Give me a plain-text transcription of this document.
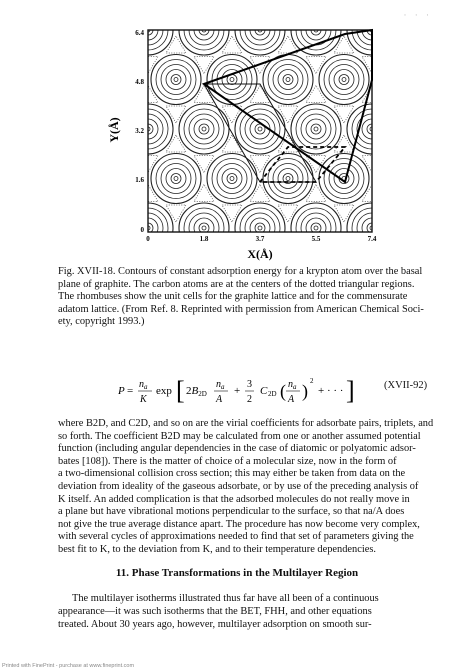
· · ·
Y(Å)
X(Å)
6.4
4.8
3.2
1.6
0
0	1.8	3.7	5.5	7.4
Fig. XVII-18. Contours of constant adsorption energy for a krypton atom over the basal
plane of graphite. The carbon atoms are at the centers of the dotted triangular regions.
The rhombuses show the unit cells for the graphite lattice and for the commensurate
adatom lattice. (From Ref. 8. Reprinted with permission from American Chemical Soci-
ety, copyright 1993.)
P =
$n_a$
K
exp [ 2B2D
$n_a$
A
+
3
2
C 2D ( $n_a$
A ) 2
+ · · · ]	(XVII-92)
where B2D, and C2D, and so on are the virial coefficients for adsorbate pairs, triplets, and
so forth. The coefficient B2D may be calculated from one or another assumed potential
function (including angular dependencies in the case of diatomic or polyatomic adsor-
bates [108]). There is the matter of choice of a molecular size, now in the form of
a two-dimensional collision cross section; this may either be taken from data on the
deviation from ideality of the gaseous adsorbate, or by use of the preceding analysis of
K itself. An added complication is that the adsorbed molecules do not really move in
a plane but have vibrational motions perpendicular to the surface, so that na/A does
not give the true average distance apart. The procedure has now become very complex,
with several cycles of approximations needed to find that set of parameters giving the
best fit to K, to the deviation from K, and to their temperature dependencies.
11. Phase Transformations in the Multilayer Region
The multilayer isotherms illustrated thus far have all been of a continuous
appearance—it was such isotherms that the BET, FHH, and other equations
treated. About 30 years ago, however, multilayer adsorption on smooth sur-
Printed with FinePrint - purchase at www.fineprint.com
